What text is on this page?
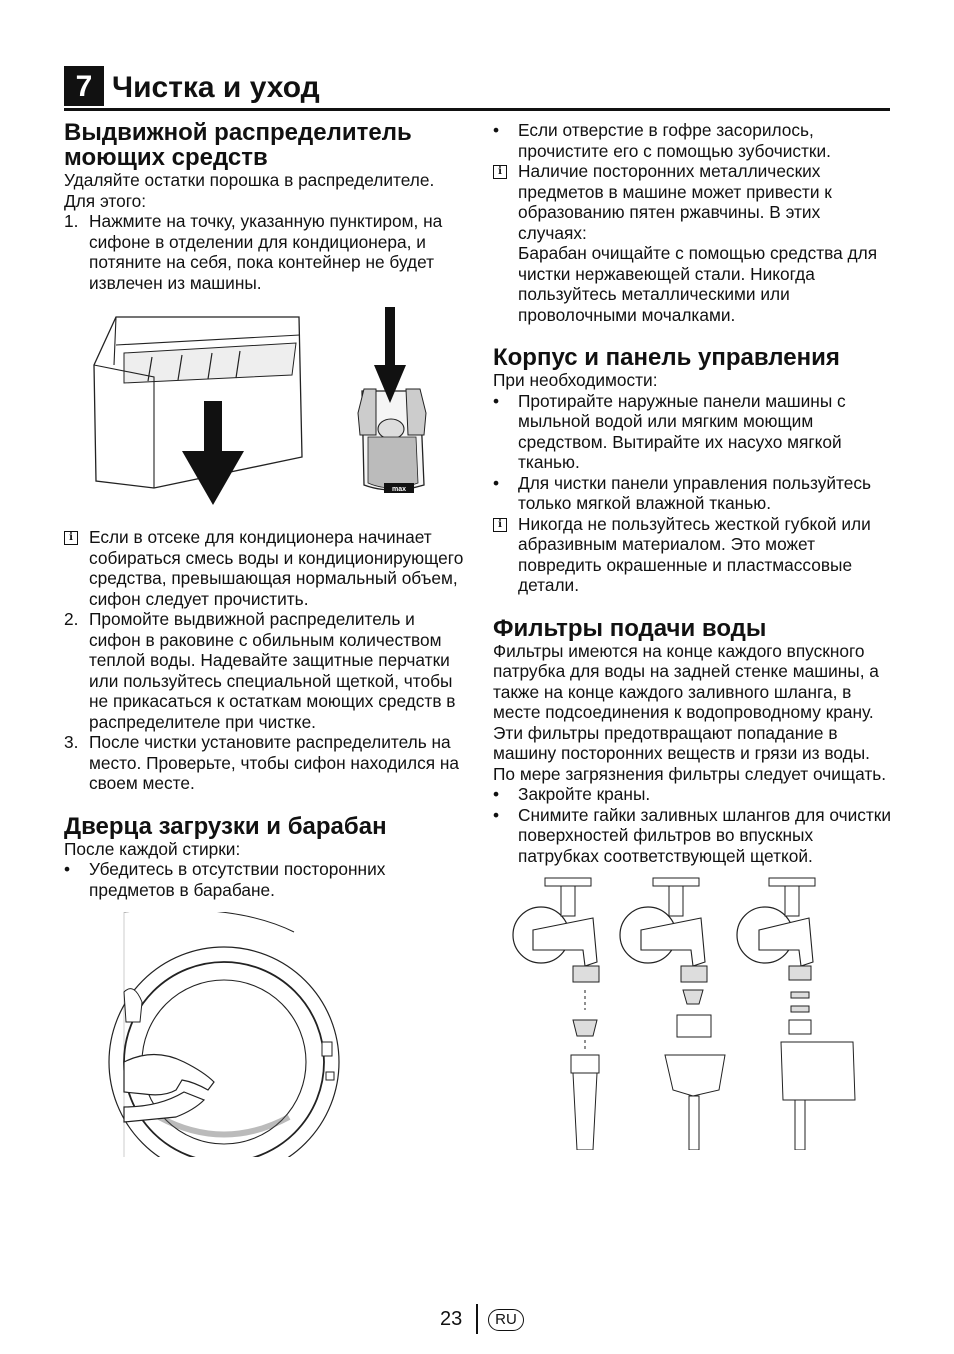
7 Чистка и уход
Выдвижной распределитель моющих средств

Удаляйте остатки порошка в распределителе. Для этого:

1. Нажмите на точку, указанную пунктиром, на сифоне в отделении для кондиционера, и потяните на себя, пока контейнер не будет извлечен из машины.
max
i Если в отсеке для кондиционера начинает собираться смесь воды и кондиционирующего средства, превышающая нормальный объем, сифон следует прочистить.
2. Промойте выдвижной распределитель и сифон в раковине с обильным количеством теплой воды. Надевайте защитные перчатки или пользуйтесь специальной щеткой, чтобы не прикасаться к остаткам моющих средств в распределителе при чистке.
3. После чистки установите распределитель на место. Проверьте, чтобы сифон находился на своем месте.
Дверца загрузки и барабан

После каждой стирки:

• Убедитесь в отсутствии посторонних предметов в барабане.
• Если отверстие в гофре засорилось, прочистите его с помощью зубочистки.
i Наличие посторонних металлических предметов в машине может привести к образованию пятен ржавчины. В этих случаях:
Барабан очищайте с помощью средства для чистки нержавеющей стали. Никогда пользуйтесь металлическими или проволочными мочалками.
Корпус и панель управления

При необходимости:

• Протирайте наружные панели машины с мыльной водой или мягким моющим средством. Вытирайте их насухо мягкой тканью.
• Для чистки панели управления пользуйтесь только мягкой влажной тканью.
i Никогда не пользуйтесь жесткой губкой или абразивным материалом. Это может повредить окрашенные и пластмассовые детали.
Фильтры подачи воды

Фильтры имеются на конце каждого впускного патрубка для воды на задней стенке машины, а также на конце каждого заливного шланга, в месте подсоединения к водопроводному крану. Эти фильтры предотвращают попадание в машину посторонних веществ и грязи из воды. По мере загрязнения фильтры следует очищать.

• Закройте краны.
• Снимите гайки заливных шлангов для очистки поверхностей фильтров во впускных патрубках соответствующей щеткой.
23	RU
